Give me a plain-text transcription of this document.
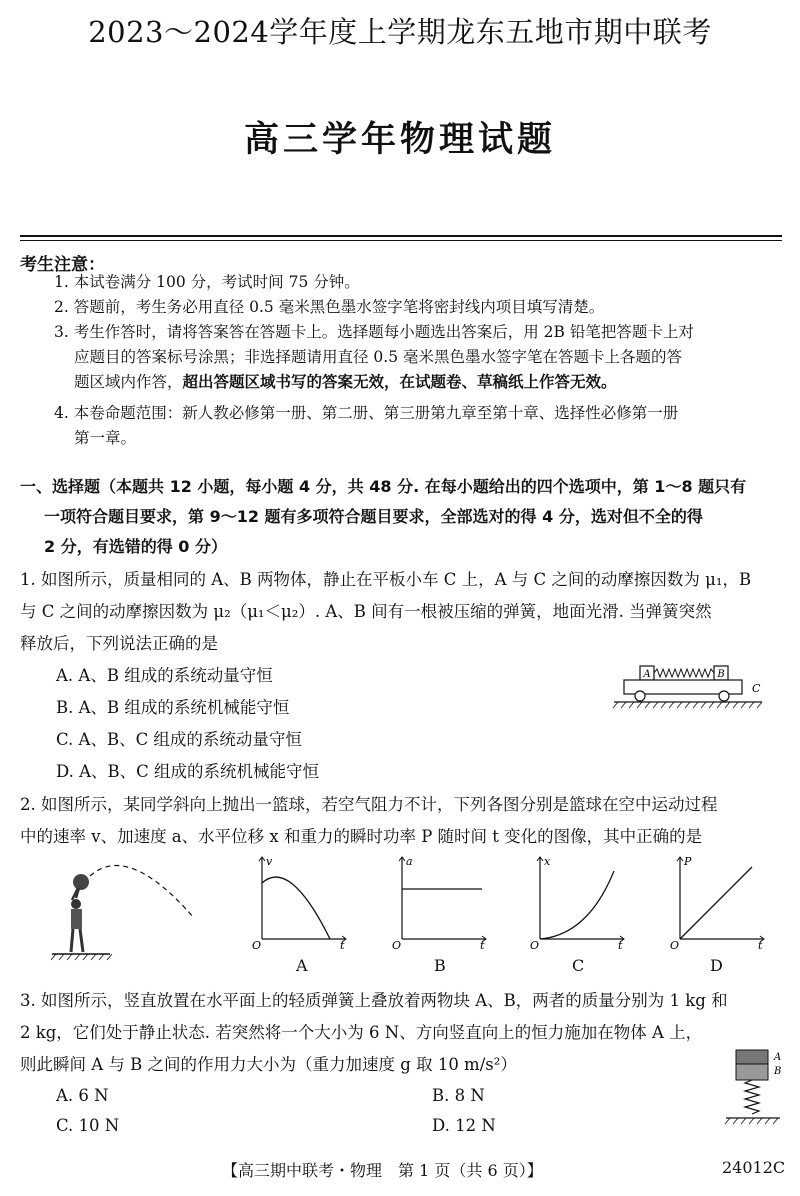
2023～2024学年度上学期龙东五地市期中联考
高三学年物理试题
考生注意：
1. 本试卷满分 100 分，考试时间 75 分钟。
2. 答题前，考生务必用直径 0.5 毫米黑色墨水签字笔将密封线内项目填写清楚。
3. 考生作答时，请将答案答在答题卡上。选择题每小题选出答案后，用 2B 铅笔把答题卡上对
应题目的答案标号涂黑；非选择题请用直径 0.5 毫米黑色墨水签字笔在答题卡上各题的答
题区域内作答，超出答题区域书写的答案无效，在试题卷、草稿纸上作答无效。
4. 本卷命题范围：新人教必修第一册、第二册、第三册第九章至第十章、选择性必修第一册
第一章。
一、选择题（本题共 12 小题，每小题 4 分，共 48 分. 在每小题给出的四个选项中，第 1～8 题只有
一项符合题目要求，第 9～12 题有多项符合题目要求，全部选对的得 4 分，选对但不全的得
2 分，有选错的得 0 分）
1. 如图所示，质量相同的 A、B 两物体，静止在平板小车 C 上，A 与 C 之间的动摩擦因数为 μ₁，B
与 C 之间的动摩擦因数为 μ₂（μ₁＜μ₂）. A、B 间有一根被压缩的弹簧，地面光滑. 当弹簧突然
释放后，下列说法正确的是
A. A、B 组成的系统动量守恒
B. A、B 组成的系统机械能守恒
C. A、B、C 组成的系统动量守恒
D. A、B、C 组成的系统机械能守恒
A	B
C
2. 如图所示，某同学斜向上抛出一篮球，若空气阻力不计，下列各图分别是篮球在空中运动过程
中的速率 v、加速度 a、水平位移 x 和重力的瞬时功率 P 随时间 t 变化的图像，其中正确的是
v
t
O
A
a
t
O
B
x
t
O
C
P
t
O
D
3. 如图所示，竖直放置在水平面上的轻质弹簧上叠放着两物块 A、B，两者的质量分别为 1 kg 和
2 kg，它们处于静止状态. 若突然将一个大小为 6 N、方向竖直向上的恒力施加在物体 A 上，
则此瞬间 A 与 B 之间的作用力大小为（重力加速度 g 取 10 m/s²）
A. 6 N	B. 8 N
C. 10 N	D. 12 N
A
B
【高三期中联考・物理　第 1 页（共 6 页）】	24012C
